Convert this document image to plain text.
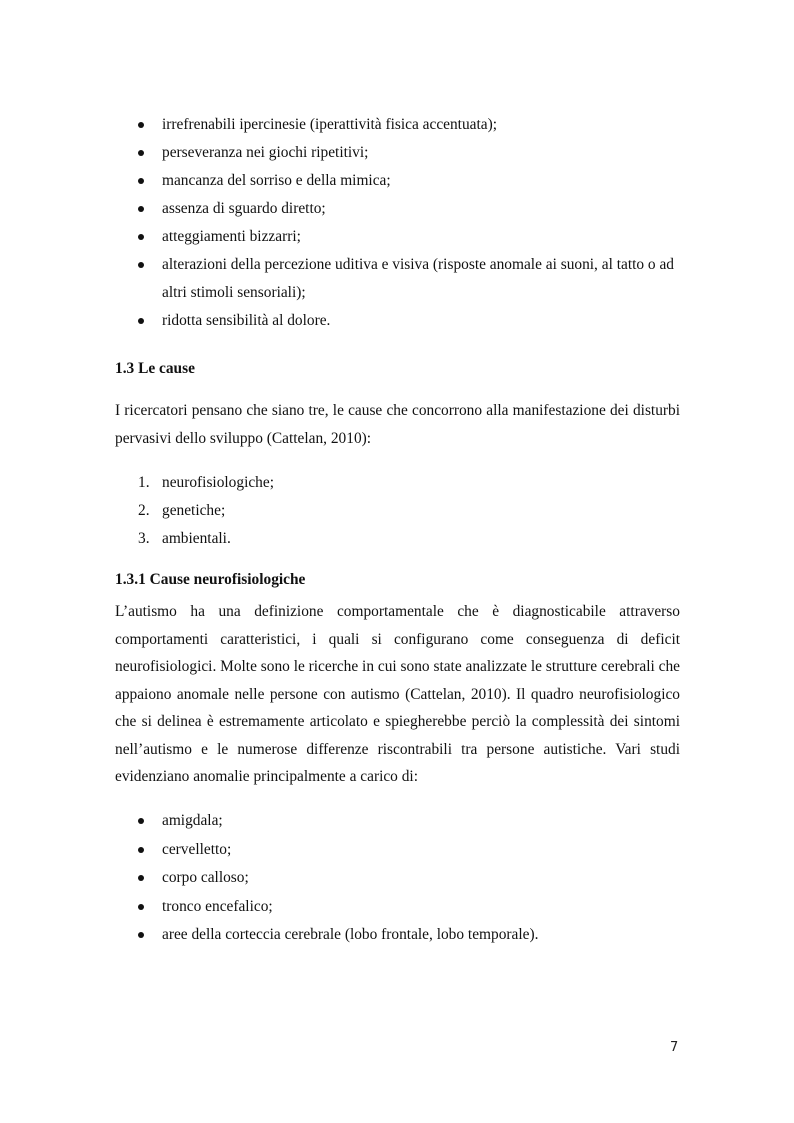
irrefrenabili ipercinesie (iperattività fisica accentuata);
perseveranza nei giochi ripetitivi;
mancanza del sorriso e della mimica;
assenza di sguardo diretto;
atteggiamenti bizzarri;
alterazioni della percezione uditiva e visiva (risposte anomale ai suoni, al tatto o ad altri stimoli sensoriali);
ridotta sensibilità al dolore.
1.3 Le cause

I ricercatori pensano che siano tre, le cause che concorrono alla manifestazione dei disturbi pervasivi dello sviluppo (Cattelan, 2010):

1. neurofisiologiche;
2. genetiche;
3. ambientali.
1.3.1 Cause neurofisiologiche

L’autismo ha una definizione comportamentale che è diagnosticabile attraverso comportamenti caratteristici, i quali si configurano come conseguenza di deficit neurofisiologici. Molte sono le ricerche in cui sono state analizzate le strutture cerebrali che appaiono anomale nelle persone con autismo (Cattelan, 2010). Il quadro neurofisiologico che si delinea è estremamente articolato e spiegherebbe perciò la complessità dei sintomi nell’autismo e le numerose differenze riscontrabili tra persone autistiche. Vari studi evidenziano anomalie principalmente a carico di:

amigdala;
cervelletto;
corpo calloso;
tronco encefalico;
aree della corteccia cerebrale (lobo frontale, lobo temporale).
7
